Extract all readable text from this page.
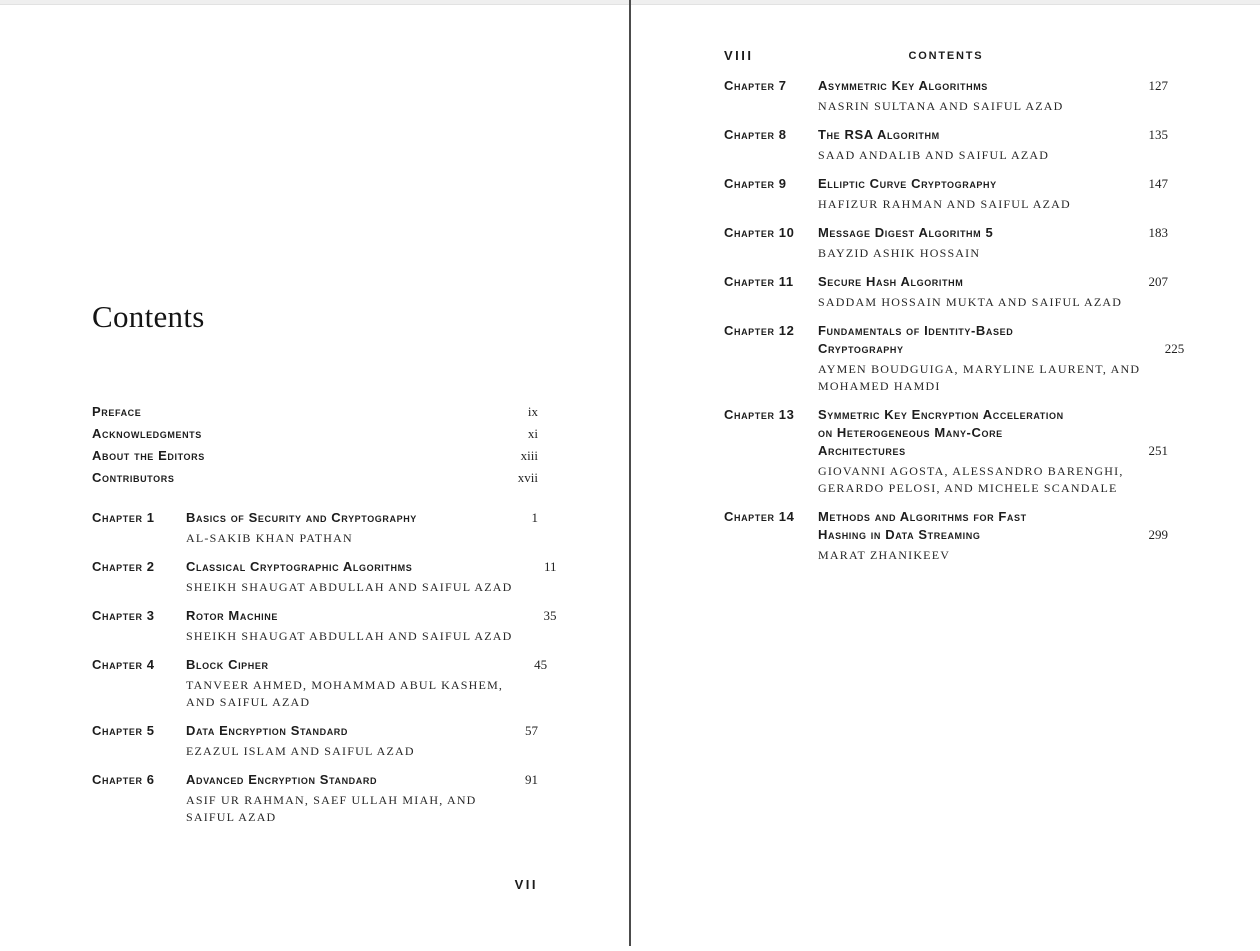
Contents
Preface	ix
Acknowledgments	xi
About the Editors	xiii
Contributors	xvii
Chapter 1	Basics of Security and Cryptography	1
AL-SAKIB KHAN PATHAN
Chapter 2	Classical Cryptographic Algorithms	11
SHEIKH SHAUGAT ABDULLAH AND SAIFUL AZAD
Chapter 3	Rotor Machine	35
SHEIKH SHAUGAT ABDULLAH AND SAIFUL AZAD
Chapter 4	Block Cipher	45
TANVEER AHMED, MOHAMMAD ABUL KASHEM,
AND SAIFUL AZAD
Chapter 5	Data Encryption Standard	57
EZAZUL ISLAM AND SAIFUL AZAD
Chapter 6	Advanced Encryption Standard	91
ASIF UR RAHMAN, SAEF ULLAH MIAH, AND
SAIFUL AZAD
VII
VIII	CONTENTS
Chapter 7	Asymmetric Key Algorithms	127
NASRIN SULTANA AND SAIFUL AZAD
Chapter 8	The RSA Algorithm	135
SAAD ANDALIB AND SAIFUL AZAD
Chapter 9	Elliptic Curve Cryptography	147
HAFIZUR RAHMAN AND SAIFUL AZAD
Chapter 10	Message Digest Algorithm 5	183
BAYZID ASHIK HOSSAIN
Chapter 11	Secure Hash Algorithm	207
SADDAM HOSSAIN MUKTA AND SAIFUL AZAD
Chapter 12	Fundamentals of Identity-Based
Cryptography	225
AYMEN BOUDGUIGA, MARYLINE LAURENT, AND
MOHAMED HAMDI
Chapter 13	Symmetric Key Encryption Acceleration
on Heterogeneous Many-Core
Architectures	251
GIOVANNI AGOSTA, ALESSANDRO BARENGHI,
GERARDO PELOSI, AND MICHELE SCANDALE
Chapter 14	Methods and Algorithms for Fast
Hashing in Data Streaming	299
MARAT ZHANIKEEV
